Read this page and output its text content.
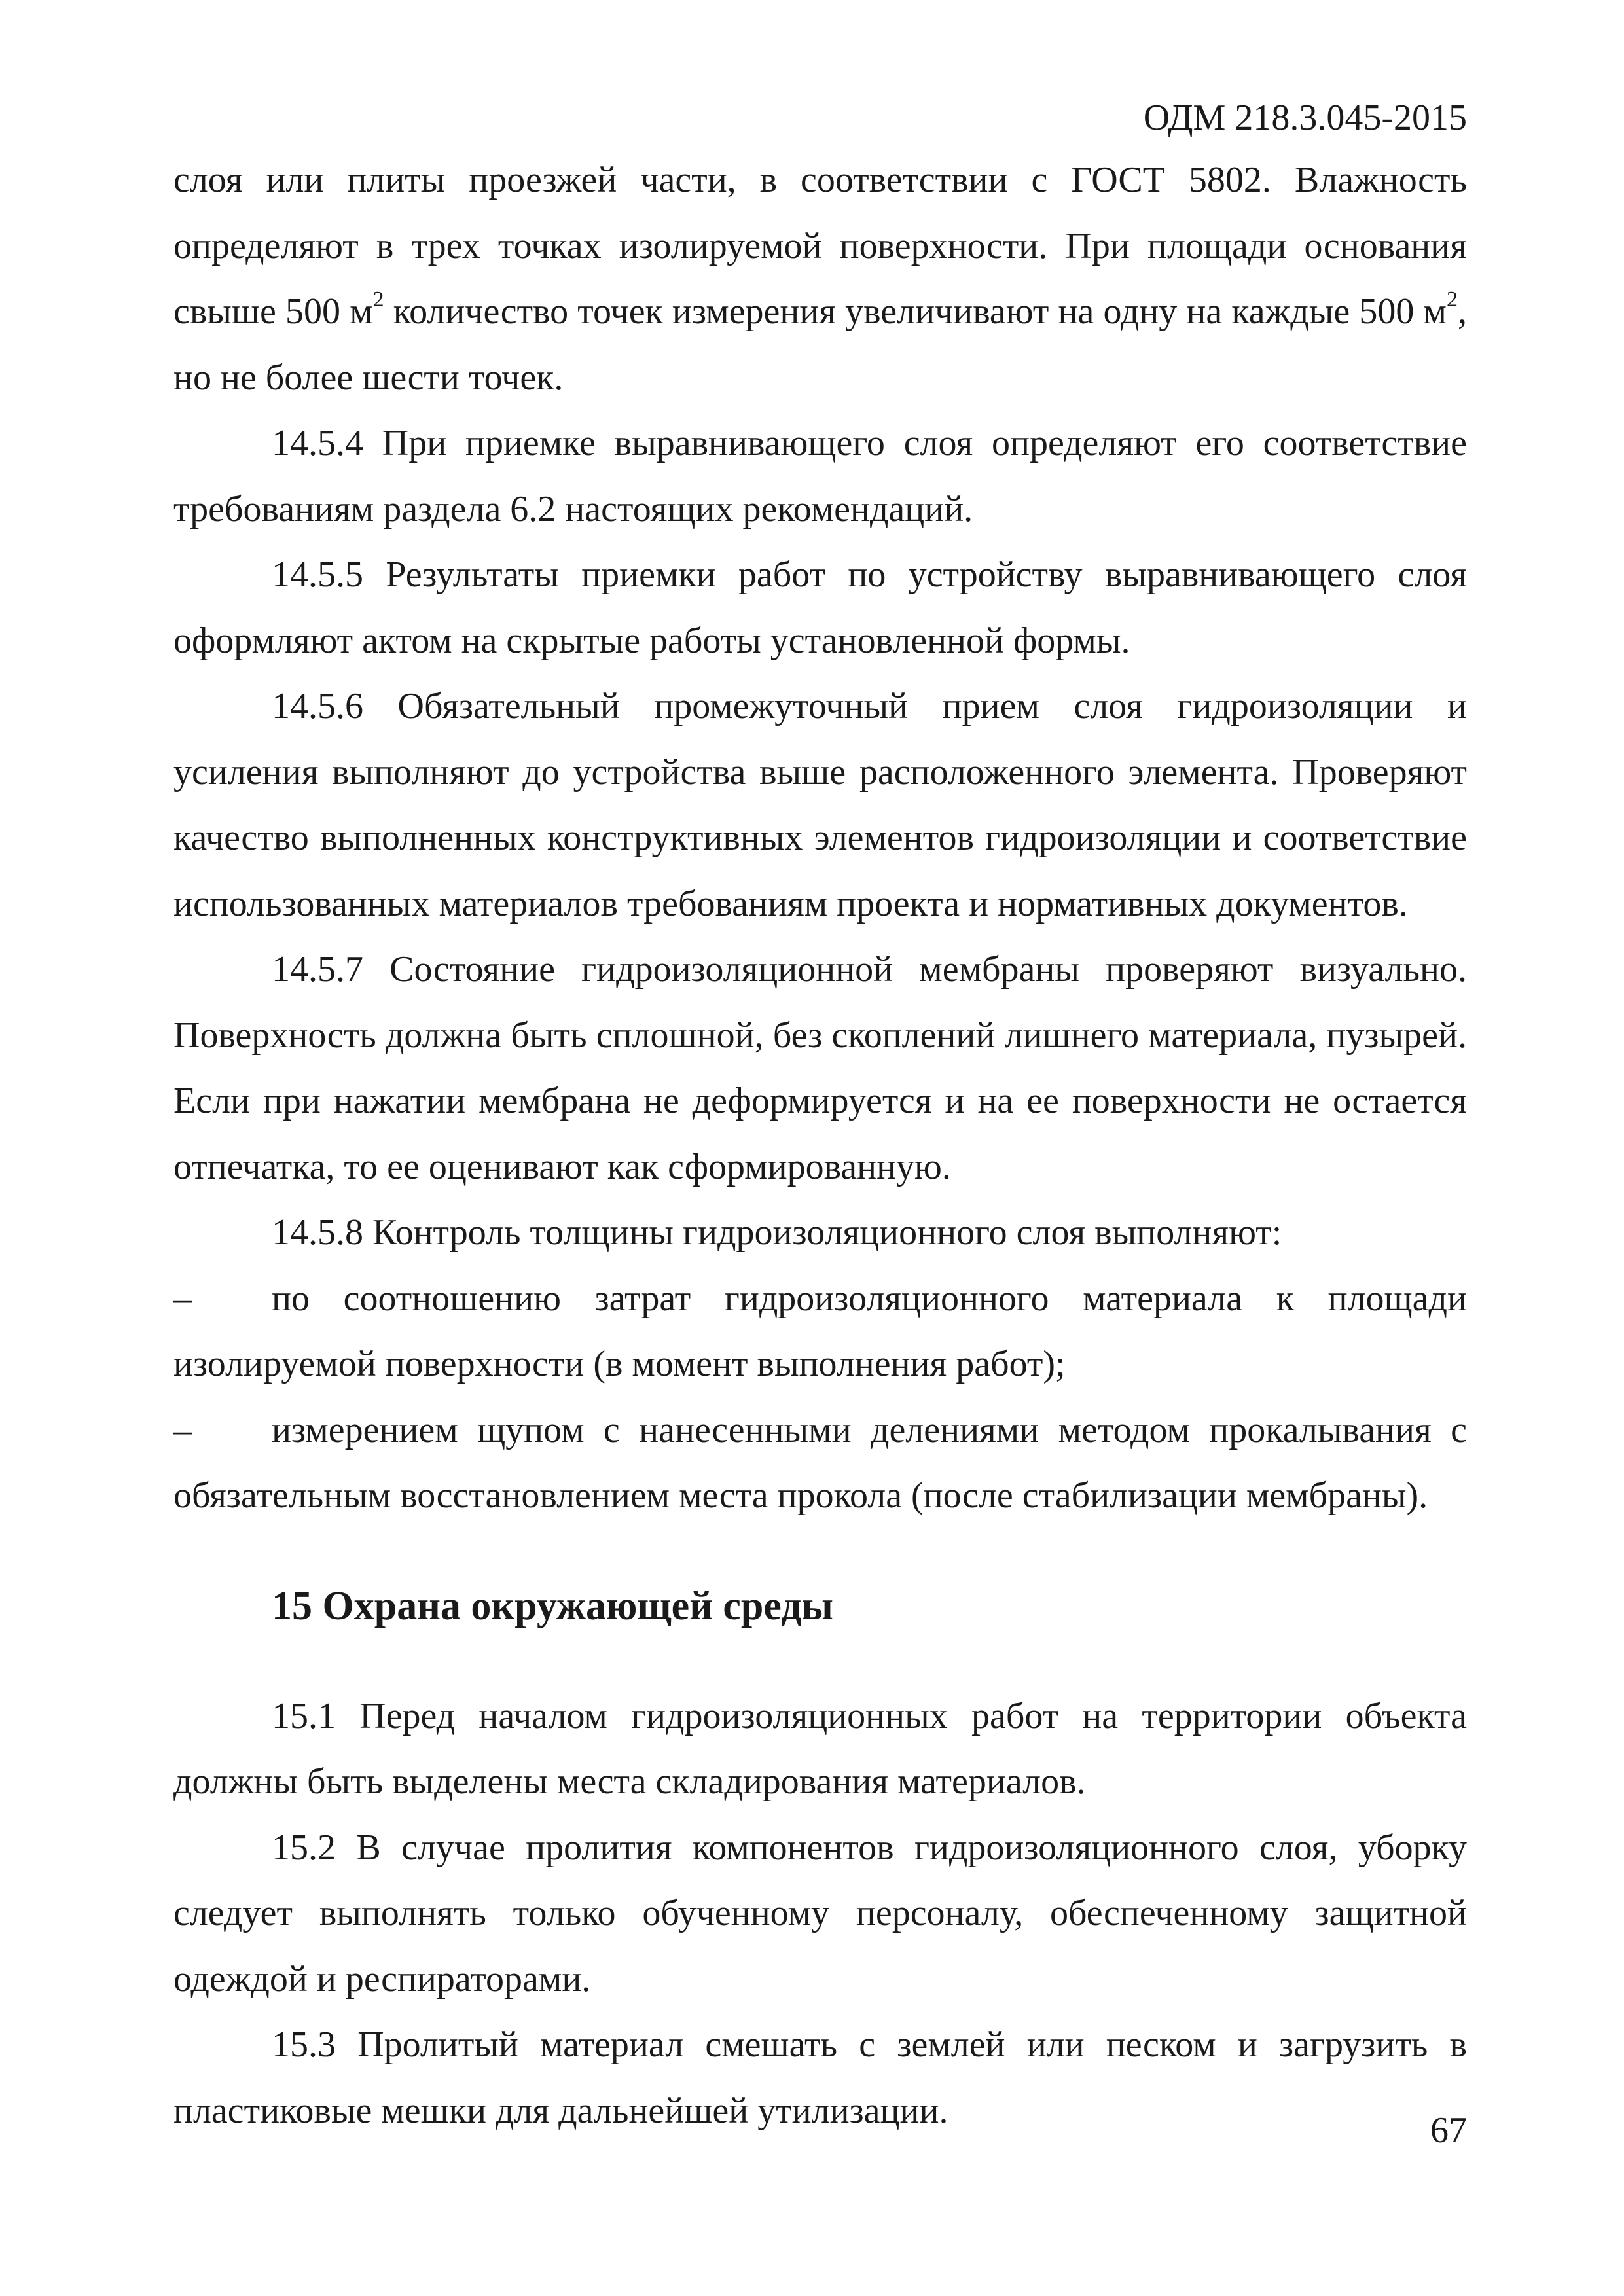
ОДМ 218.3.045-2015

слоя или плиты проезжей части, в соответствии с ГОСТ 5802. Влажность определяют в трех точках изолируемой поверхности. При площади основания свыше 500 $м^2$ количество точек измерения увеличивают на одну на каждые 500 $м^2$, но не более шести точек.

14.5.4 При приемке выравнивающего слоя определяют его соответствие требованиям раздела 6.2 настоящих рекомендаций.

14.5.5 Результаты приемки работ по устройству выравнивающего слоя оформляют актом на скрытые работы установленной формы.

14.5.6 Обязательный промежуточный прием слоя гидроизоляции и усиления выполняют до устройства выше расположенного элемента. Проверяют качество выполненных конструктивных элементов гидроизоляции и соответствие использованных материалов требованиям проекта и нормативных документов.

14.5.7 Состояние гидроизоляционной мембраны проверяют визуально. Поверхность должна быть сплошной, без скоплений лишнего материала, пузырей. Если при нажатии мембрана не деформируется и на ее поверхности не остается отпечатка, то ее оценивают как сформированную.

14.5.8 Контроль толщины гидроизоляционного слоя выполняют:

– по соотношению затрат гидроизоляционного материала к площади изолируемой поверхности (в момент выполнения работ);

– измерением щупом с нанесенными делениями методом прокалывания с обязательным восстановлением места прокола (после стабилизации мембраны).

15 Охрана окружающей среды

15.1 Перед началом гидроизоляционных работ на территории объекта должны быть выделены места складирования материалов.

15.2 В случае пролития компонентов гидроизоляционного слоя, уборку следует выполнять только обученному персоналу, обеспеченному защитной одеждой и респираторами.

15.3 Пролитый материал смешать с землей или песком и загрузить в пластиковые мешки для дальнейшей утилизации.	67
